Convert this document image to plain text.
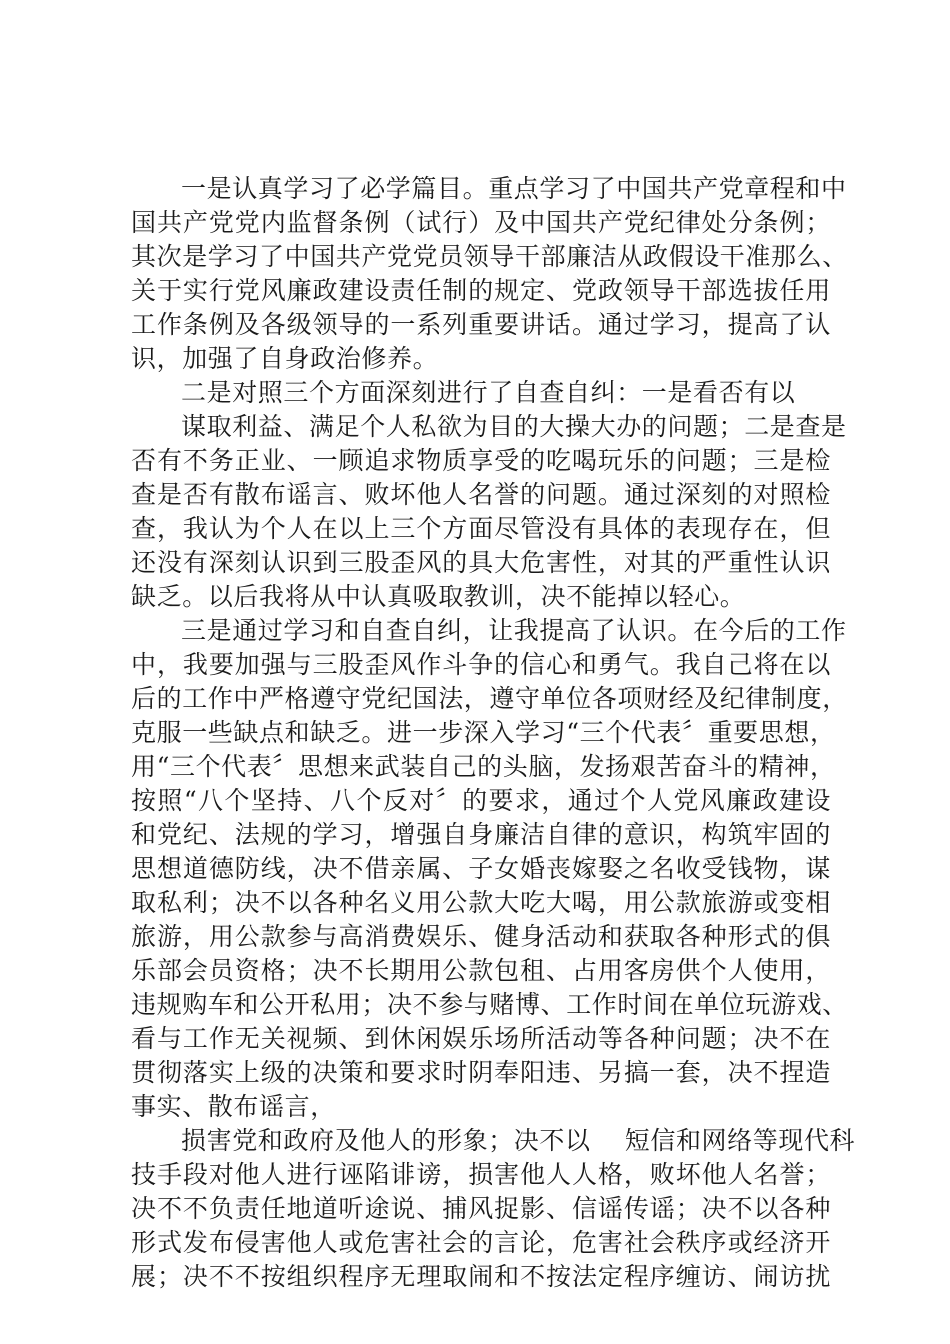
一是认真学习了必学篇目。重点学习了中国共产党章程和中
国共产党党内监督条例（试行）及中国共产党纪律处分条例；
其次是学习了中国共产党党员领导干部廉洁从政假设干准那么、
关于实行党风廉政建设责任制的规定、党政领导干部选拔任用
工作条例及各级领导的一系列重要讲话。通过学习，提高了认
识，加强了自身政治修养。
二是对照三个方面深刻进行了自查自纠：一是看否有以
谋取利益、满足个人私欲为目的大操大办的问题；二是查是
否有不务正业、一顾追求物质享受的吃喝玩乐的问题；三是检
查是否有散布谣言、败坏他人名誉的问题。通过深刻的对照检
查，我认为个人在以上三个方面尽管没有具体的表现存在，但
还没有深刻认识到三股歪风的具大危害性，对其的严重性认识
缺乏。以后我将从中认真吸取教训，决不能掉以轻心。
三是通过学习和自查自纠，让我提高了认识。在今后的工作
中，我要加强与三股歪风作斗争的信心和勇气。我自己将在以
后的工作中严格遵守党纪国法，遵守单位各项财经及纪律制度，
克服一些缺点和缺乏。进一步深入学习“三个代表〞重要思想，
用“三个代表〞思想来武装自己的头脑，发扬艰苦奋斗的精神，
按照“八个坚持、八个反对〞的要求，通过个人党风廉政建设
和党纪、法规的学习，增强自身廉洁自律的意识，构筑牢固的
思想道德防线，决不借亲属、子女婚丧嫁娶之名收受钱物，谋
取私利；决不以各种名义用公款大吃大喝，用公款旅游或变相
旅游，用公款参与高消费娱乐、健身活动和获取各种形式的俱
乐部会员资格；决不长期用公款包租、占用客房供个人使用，
违规购车和公开私用；决不参与赌博、工作时间在单位玩游戏、
看与工作无关视频、到休闲娱乐场所活动等各种问题；决不在
贯彻落实上级的决策和要求时阴奉阳违、另搞一套，决不捏造
事实、散布谣言，
损害党和政府及他人的形象；决不以　 短信和网络等现代科
技手段对他人进行诬陷诽谤，损害他人人格，败坏他人名誉；
决不不负责任地道听途说、捕风捉影、信谣传谣；决不以各种
形式发布侵害他人或危害社会的言论，危害社会秩序或经济开
展；决不不按组织程序无理取闹和不按法定程序缠访、闹访扰
